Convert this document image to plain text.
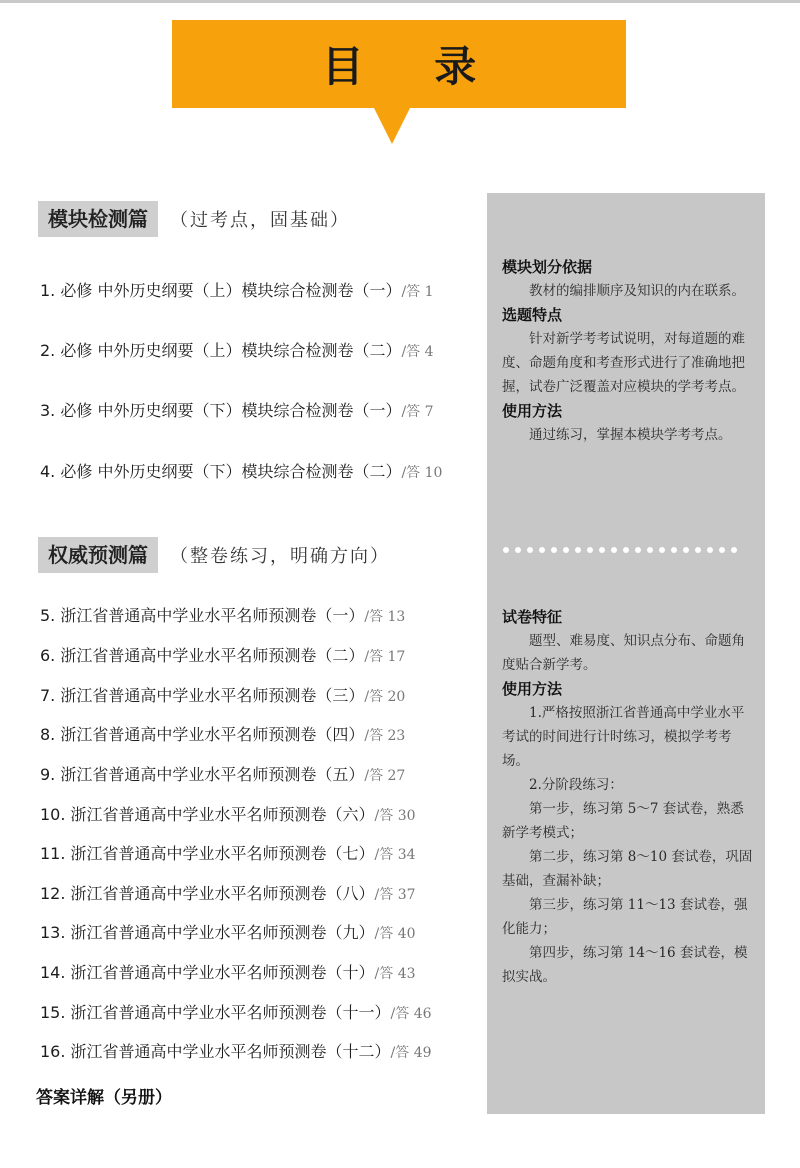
目 录
模块检测篇	（过考点，固基础）
1. 必修 中外历史纲要（上）模块综合检测卷（一）/答 1
2. 必修 中外历史纲要（上）模块综合检测卷（二）/答 4
3. 必修 中外历史纲要（下）模块综合检测卷（一）/答 7
4. 必修 中外历史纲要（下）模块综合检测卷（二）/答 10
权威预测篇	（整卷练习，明确方向）
5. 浙江省普通高中学业水平名师预测卷（一）/答 13
6. 浙江省普通高中学业水平名师预测卷（二）/答 17
7. 浙江省普通高中学业水平名师预测卷（三）/答 20
8. 浙江省普通高中学业水平名师预测卷（四）/答 23
9. 浙江省普通高中学业水平名师预测卷（五）/答 27
10. 浙江省普通高中学业水平名师预测卷（六）/答 30
11. 浙江省普通高中学业水平名师预测卷（七）/答 34
12. 浙江省普通高中学业水平名师预测卷（八）/答 37
13. 浙江省普通高中学业水平名师预测卷（九）/答 40
14. 浙江省普通高中学业水平名师预测卷（十）/答 43
15. 浙江省普通高中学业水平名师预测卷（十一）/答 46
16. 浙江省普通高中学业水平名师预测卷（十二）/答 49
答案详解（另册）
模块划分依据

教材的编排顺序及知识的内在联系。

选题特点

针对新学考考试说明，对每道题的难度、命题角度和考查形式进行了准确地把握，试卷广泛覆盖对应模块的学考考点。

使用方法

通过练习，掌握本模块学考考点。

试卷特征

题型、难易度、知识点分布、命题角度贴合新学考。

使用方法

1.严格按照浙江省普通高中学业水平考试的时间进行计时练习，模拟学考考场。

2.分阶段练习：

第一步，练习第 5～7 套试卷，熟悉新学考模式；

第二步，练习第 8～10 套试卷，巩固基础，查漏补缺；

第三步，练习第 11～13 套试卷，强化能力；

第四步，练习第 14～16 套试卷，模拟实战。
